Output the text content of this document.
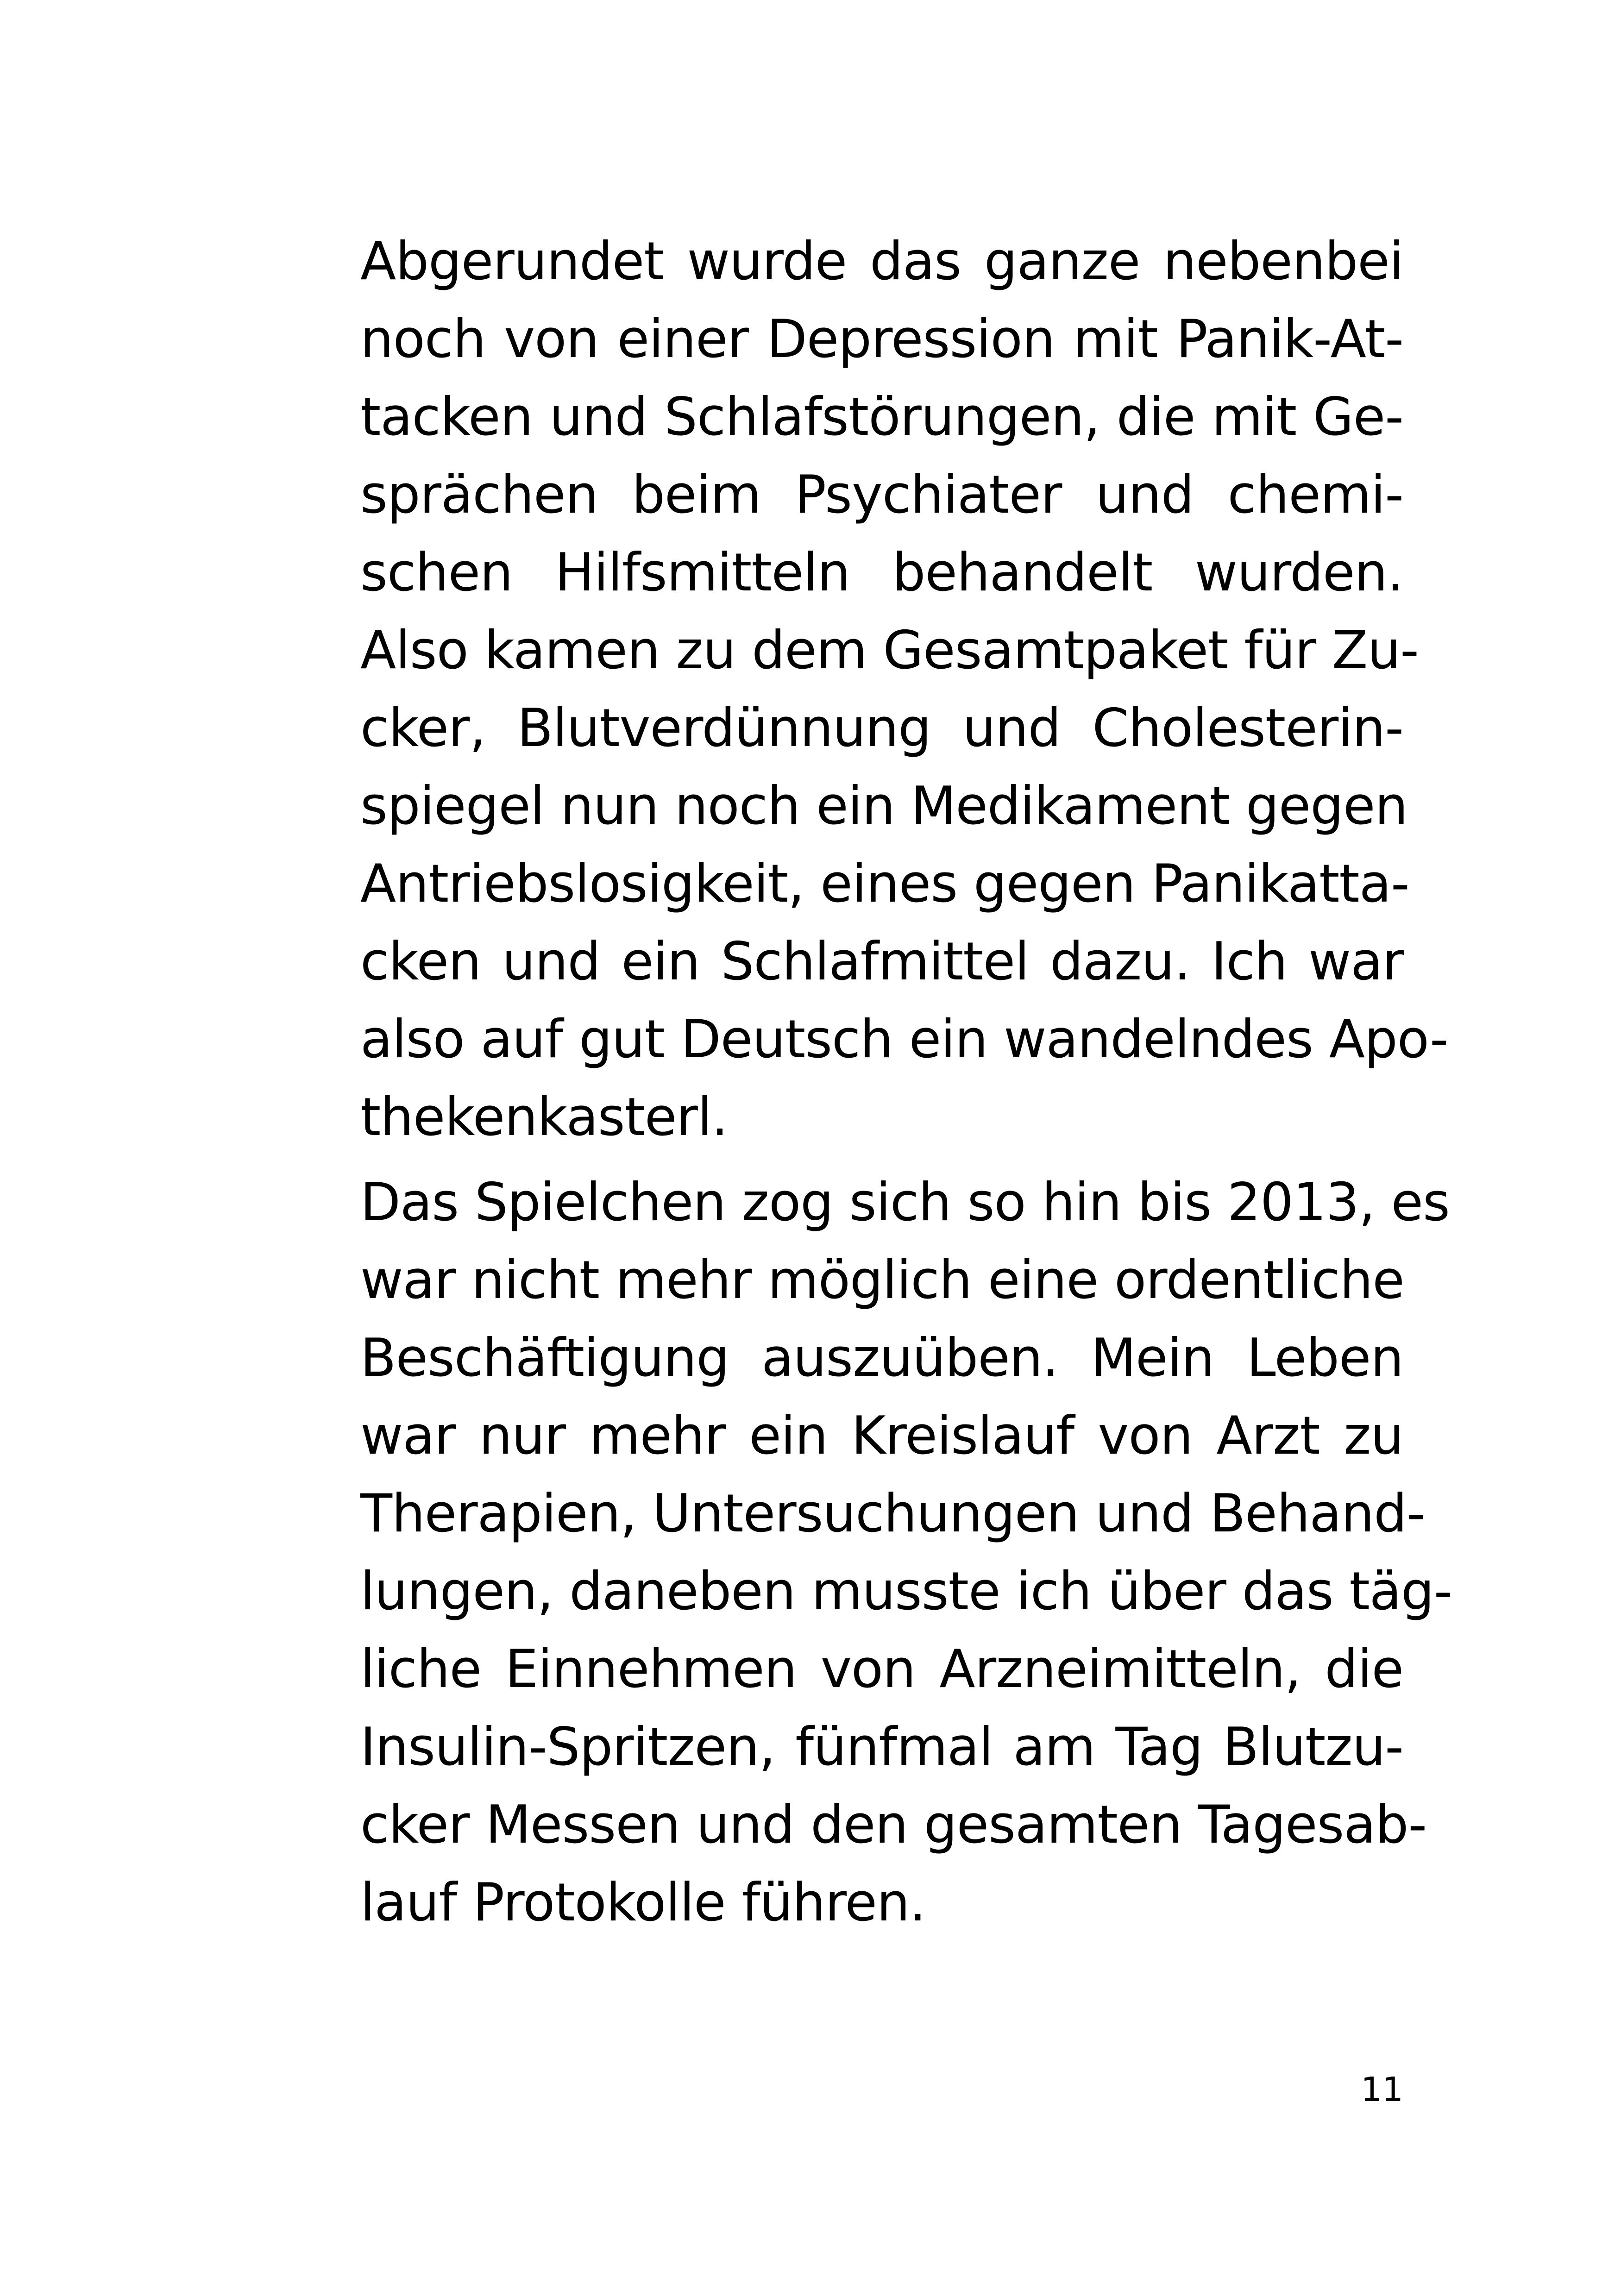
Abgerundet wurde das ganze nebenbei
noch von einer Depression mit Panik-At-
tacken und Schlafstörungen, die mit Ge-
sprächen beim Psychiater und chemi-
schen Hilfsmitteln behandelt wurden.
Also kamen zu dem Gesamtpaket für Zu-
cker, Blutverdünnung und Cholesterin-
spiegel nun noch ein Medikament gegen
Antriebslosigkeit, eines gegen Panikatta-
cken und ein Schlafmittel dazu. Ich war
also auf gut Deutsch ein wandelndes Apo-
thekenkasterl.
Das Spielchen zog sich so hin bis 2013, es
war nicht mehr möglich eine ordentliche
Beschäftigung auszuüben. Mein Leben
war nur mehr ein Kreislauf von Arzt zu
Therapien, Untersuchungen und Behand-
lungen, daneben musste ich über das täg-
liche Einnehmen von Arzneimitteln, die
Insulin-Spritzen, fünfmal am Tag Blutzu-
cker Messen und den gesamten Tagesab-
lauf Protokolle führen.
11
